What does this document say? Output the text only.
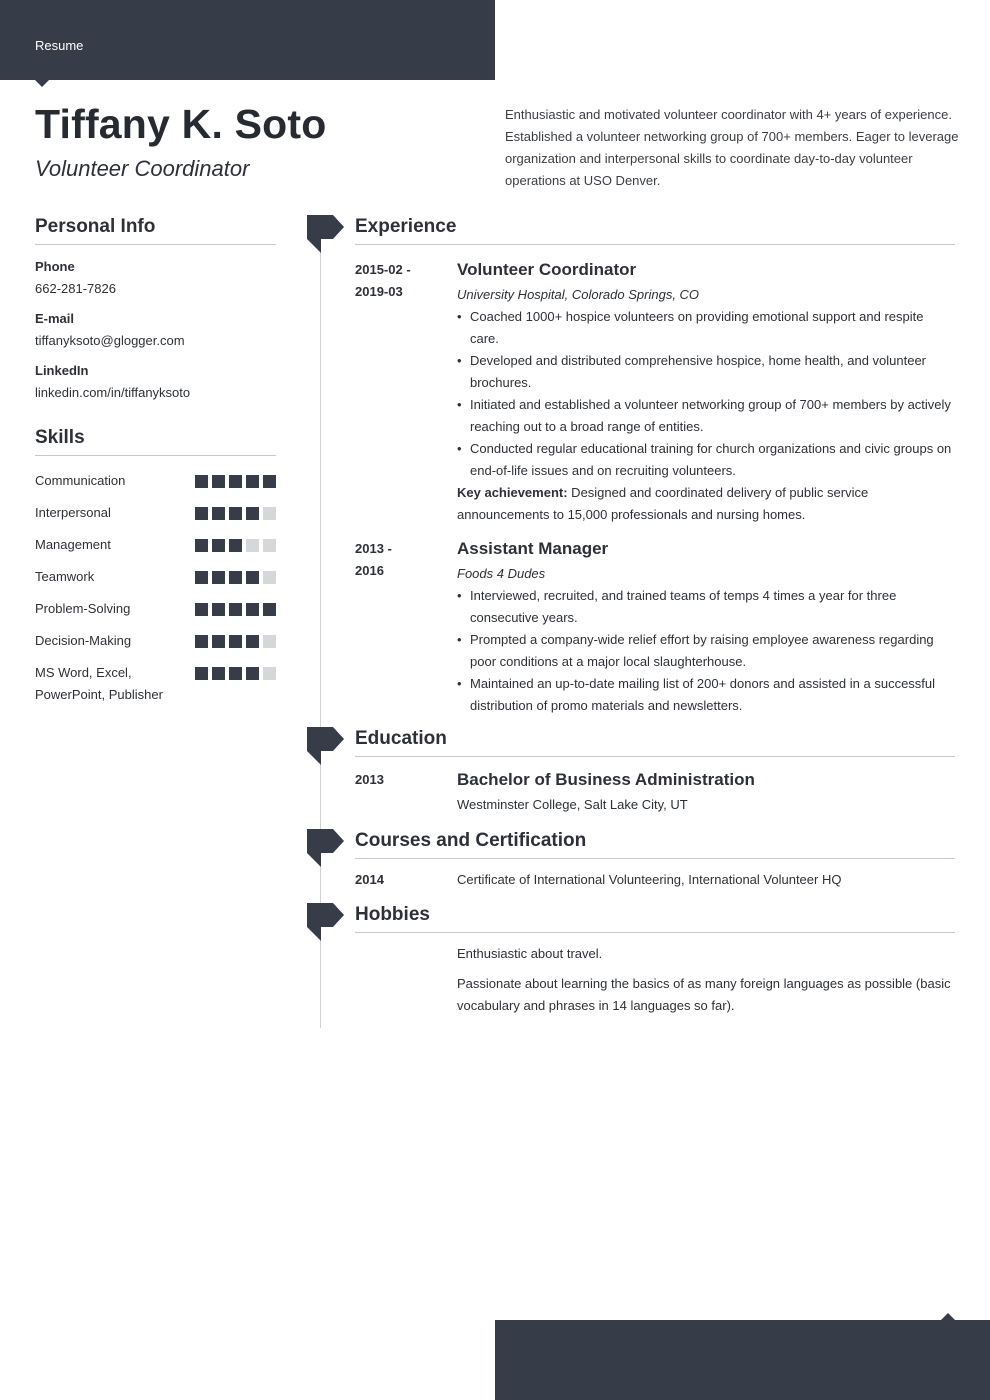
Resume
Tiffany K. Soto
Volunteer Coordinator
Enthusiastic and motivated volunteer coordinator with 4+ years of experience. Established a volunteer networking group of 700+ members. Eager to leverage organization and interpersonal skills to coordinate day-to-day volunteer operations at USO Denver.
Personal Info
Phone
662-281-7826
E-mail
tiffanyksoto@glogger.com
LinkedIn
linkedin.com/in/tiffanyksoto
Skills
Communication
Interpersonal
Management
Teamwork
Problem-Solving
Decision-Making
MS Word, Excel, PowerPoint, Publisher
Experience
2015-02 -
2019-03
Volunteer Coordinator
University Hospital, Colorado Springs, CO
• Coached 1000+ hospice volunteers on providing emotional support and respite care.
• Developed and distributed comprehensive hospice, home health, and volunteer brochures.
• Initiated and established a volunteer networking group of 700+ members by actively reaching out to a broad range of entities.
• Conducted regular educational training for church organizations and civic groups on end-of-life issues and on recruiting volunteers.
Key achievement: Designed and coordinated delivery of public service announcements to 15,000 professionals and nursing homes.
2013 -
2016
Assistant Manager
Foods 4 Dudes
• Interviewed, recruited, and trained teams of temps 4 times a year for three consecutive years.
• Prompted a company-wide relief effort by raising employee awareness regarding poor conditions at a major local slaughterhouse.
• Maintained an up-to-date mailing list of 200+ donors and assisted in a successful distribution of promo materials and newsletters.
Education
2013	Bachelor of Business Administration
Westminster College, Salt Lake City, UT
Courses and Certification
2014	Certificate of International Volunteering, International Volunteer HQ
Hobbies
Enthusiastic about travel.
Passionate about learning the basics of as many foreign languages as possible (basic vocabulary and phrases in 14 languages so far).
